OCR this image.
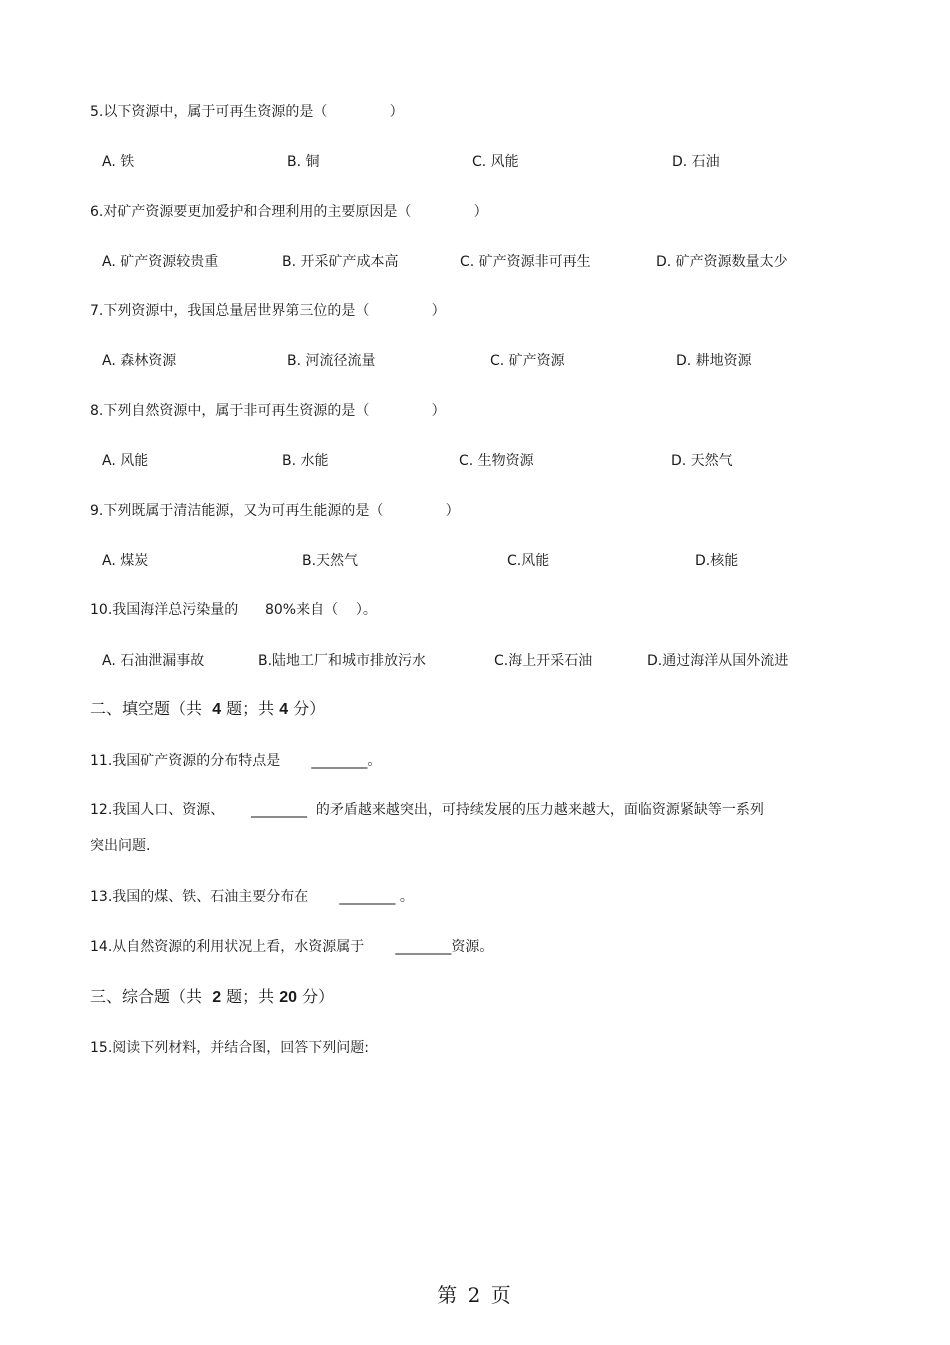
5.以下资源中，属于可再生资源的是（              ）
A. 铁	B. 铜	C. 风能	D. 石油
6.对矿产资源要更加爱护和合理利用的主要原因是（              ）
A. 矿产资源较贵重	B. 开采矿产成本高	C. 矿产资源非可再生	D. 矿产资源数量太少
7.下列资源中，我国总量居世界第三位的是（              ）
A. 森林资源	B. 河流径流量	C. 矿产资源	D. 耕地资源
8.下列自然资源中，属于非可再生资源的是（              ）
A. 风能	B. 水能	C. 生物资源	D. 天然气
9.下列既属于清洁能源，又为可再生能源的是（              ）
A. 煤炭	B.天然气	C.风能	D.核能
10.我国海洋总污染量的      80%来自（    ）。
A. 石油泄漏事故	B.陆地工厂和城市排放污水	C.海上开采石油	D.通过海洋从国外流进
二、填空题（共  4 题；共 4 分）
11.我国矿产资源的分布特点是       ________。
12.我国人口、资源、      ________  的矛盾越来越突出，可持续发展的压力越来越大，面临资源紧缺等一系列
突出问题.
13.我国的煤、铁、石油主要分布在       ________ 。
14.从自然资源的利用状况上看，水资源属于       ________资源。
三、综合题（共  2 题；共 20 分）
15.阅读下列材料，并结合图，回答下列问题:
第 2 页
